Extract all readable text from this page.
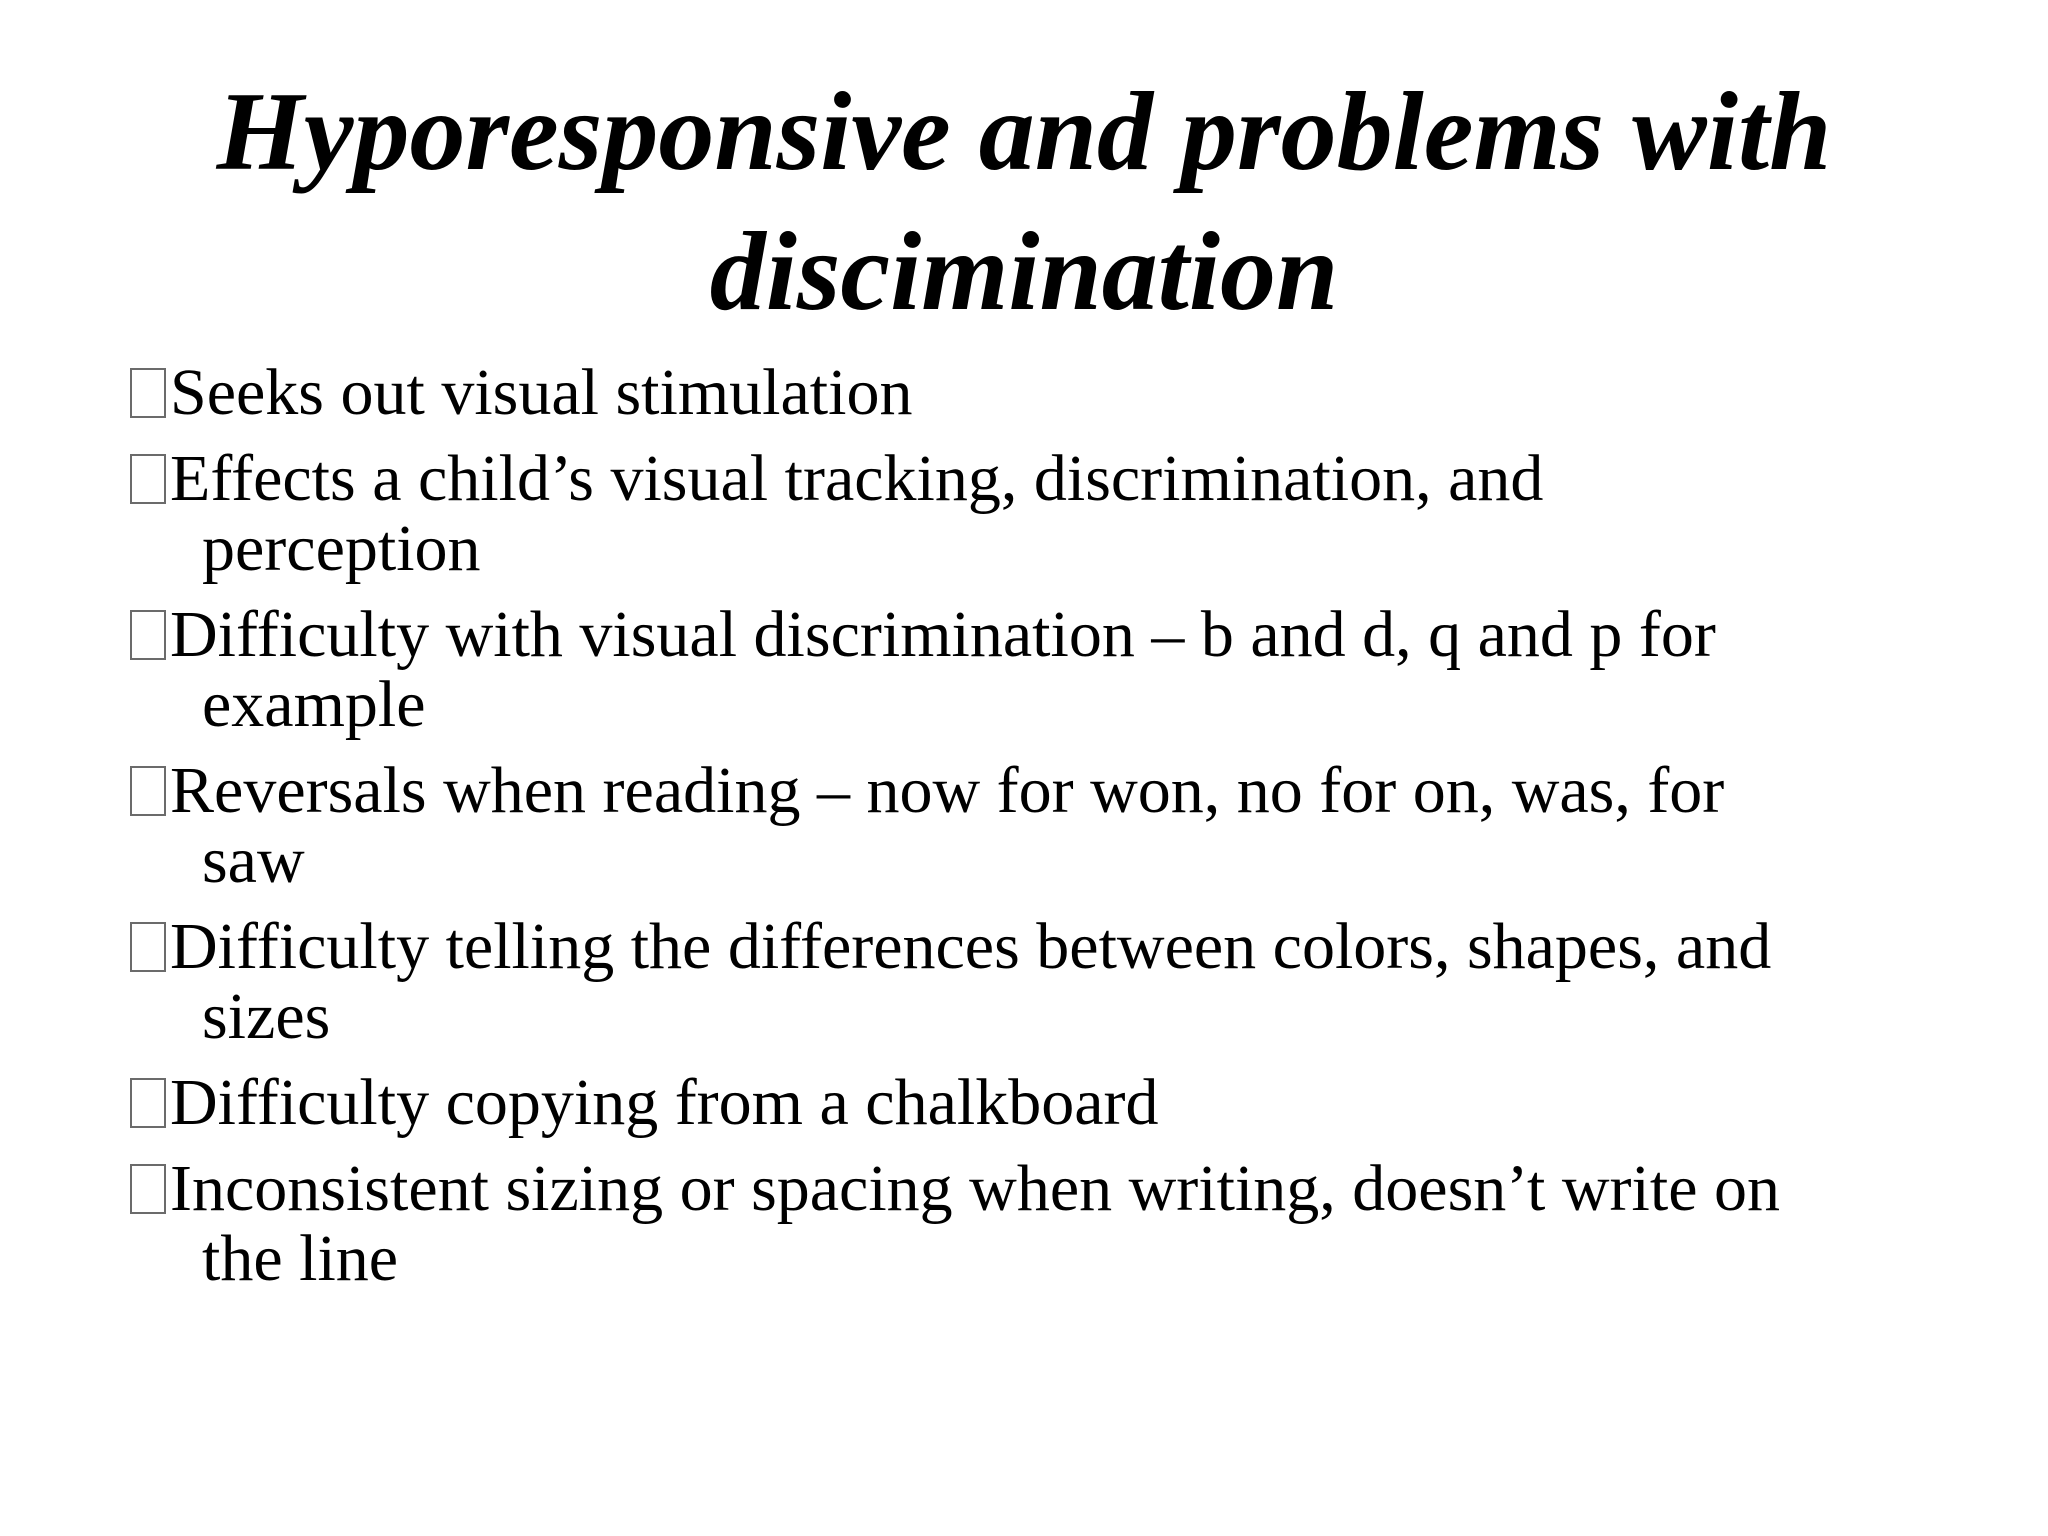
Hyporesponsive and problems with
discimination
Seeks out visual stimulation
Effects a child’s visual tracking, discrimination, and
perception
Difficulty with visual discrimination – b and d, q and p for
example
Reversals when reading – now for won, no for on, was, for
saw
Difficulty telling the differences between colors, shapes, and
sizes
Difficulty copying from a chalkboard
Inconsistent sizing or spacing when writing, doesn’t write on
the line
